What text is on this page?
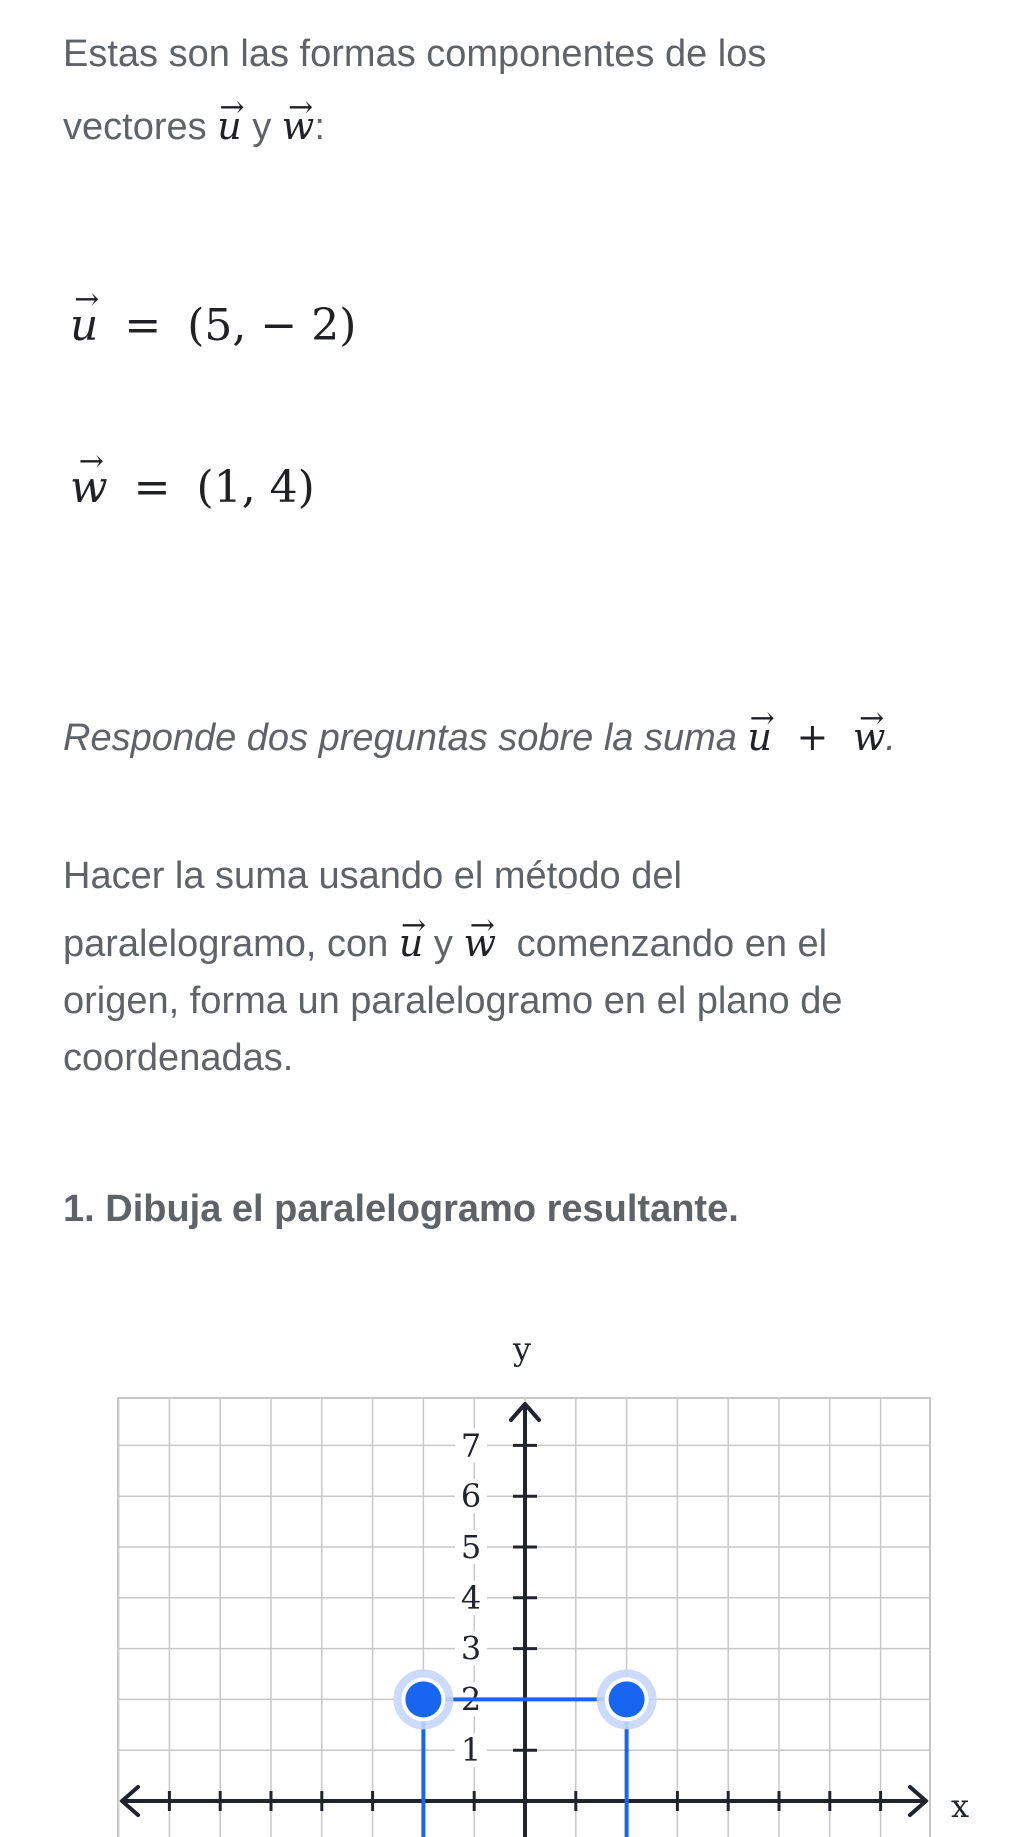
Estas son las formas componentes de los
vectores → u y → w:

→ u = (5, − 2)
→ w = (1, 4)

Responde dos preguntas sobre la suma → u + → w.

Hacer la suma usando el método del
paralelogramo, con → u y → w comenzando en el
origen, forma un paralelogramo en el plano de
coordenadas.
1. Dibuja el paralelogramo resultante.
1
2
3
4
5
6
7
y
x
